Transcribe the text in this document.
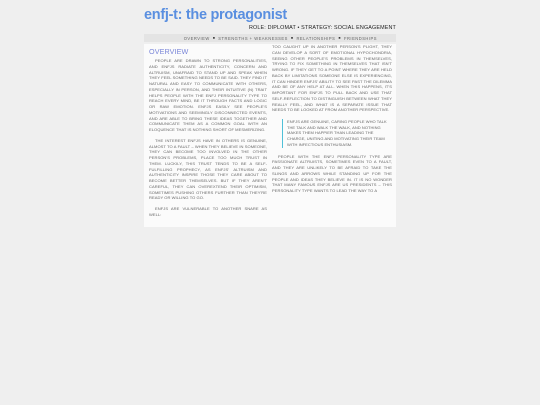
enfj-t: the protagonist
ROLE: DIPLOMAT • STRATEGY: SOCIAL ENGAGEMENT
OVERVIEW ■ STRENGTHS + WEAKNESSES ■ RELATIONSHIPS ■ FRIENDSHIPS
OVERVIEW

PEOPLE ARE DRAWN TO STRONG PERSONALITIES, AND ENFJS RADIATE AUTHENTICITY, CONCERN AND ALTRUISM, UNAFRAID TO STAND UP AND SPEAK WHEN THEY FEEL SOMETHING NEEDS TO BE SAID. THEY FIND IT NATURAL AND EASY TO COMMUNICATE WITH OTHERS, ESPECIALLY IN PERSON, AND THEIR INTUITIVE (N) TRAIT HELPS PEOPLE WITH THE ENFJ PERSONALITY TYPE TO REACH EVERY MIND, BE IT THROUGH FACTS AND LOGIC OR RAW EMOTION. ENFJS EASILY SEE PEOPLE'S MOTIVATIONS AND SEEMINGLY DISCONNECTED EVENTS, AND ARE ABLE TO BRING THESE IDEAS TOGETHER AND COMMUNICATE THEM AS A COMMON GOAL WITH AN ELOQUENCE THAT IS NOTHING SHORT OF MESMERIZING.

THE INTEREST ENFJS HAVE IN OTHERS IS GENUINE, ALMOST TO A FAULT – WHEN THEY BELIEVE IN SOMEONE, THEY CAN BECOME TOO INVOLVED IN THE OTHER PERSON'S PROBLEMS, PLACE TOO MUCH TRUST IN THEM. LUCKILY, THIS TRUST TENDS TO BE A SELF-FULFILLING PROPHECY, AS ENFJS' ALTRUISM AND AUTHENTICITY INSPIRE THOSE THEY CARE ABOUT TO BECOME BETTER THEMSELVES. BUT IF THEY AREN'T CAREFUL, THEY CAN OVEREXTEND THEIR OPTIMISM, SOMETIMES PUSHING OTHERS FURTHER THAN THEY'RE READY OR WILLING TO GO.

ENFJS ARE VULNERABLE TO ANOTHER SNARE AS WELL:

TOO CAUGHT UP IN ANOTHER PERSON'S PLIGHT, THEY CAN DEVELOP A SORT OF EMOTIONAL HYPOCHONDRIA, SEEING OTHER PEOPLE'S PROBLEMS IN THEMSELVES, TRYING TO FIX SOMETHING IN THEMSELVES THAT ISN'T WRONG. IF THEY GET TO A POINT WHERE THEY ARE HELD BACK BY LIMITATIONS SOMEONE ELSE IS EXPERIENCING, IT CAN HINDER ENFJS' ABILITY TO SEE PAST THE DILEMMA AND BE OF ANY HELP AT ALL. WHEN THIS HAPPENS, IT'S IMPORTANT FOR ENFJS TO PULL BACK AND USE THAT SELF-REFLECTION TO DISTINGUISH BETWEEN WHAT THEY REALLY FEEL, AND WHAT IS A SEPARATE ISSUE THAT NEEDS TO BE LOOKED AT FROM ANOTHER PERSPECTIVE.

ENFJS ARE GENUINE, CARING PEOPLE WHO TALK THE TALK AND WALK THE WALK, AND NOTHING MAKES THEM HAPPIER THAN LEADING THE CHARGE, UNITING AND MOTIVATING THEIR TEAM WITH INFECTIOUS ENTHUSIASM.

PEOPLE WITH THE ENFJ PERSONALITY TYPE ARE PASSIONATE ALTRUISTS, SOMETIMES EVEN TO A FAULT, AND THEY ARE UNLIKELY TO BE AFRAID TO TAKE THE SLINGS AND ARROWS WHILE STANDING UP FOR THE PEOPLE AND IDEAS THEY BELIEVE IN. IT IS NO WONDER THAT MANY FAMOUS ENFJS ARE US PRESIDENTS – THIS PERSONALITY TYPE WANTS TO LEAD THE WAY TO A
